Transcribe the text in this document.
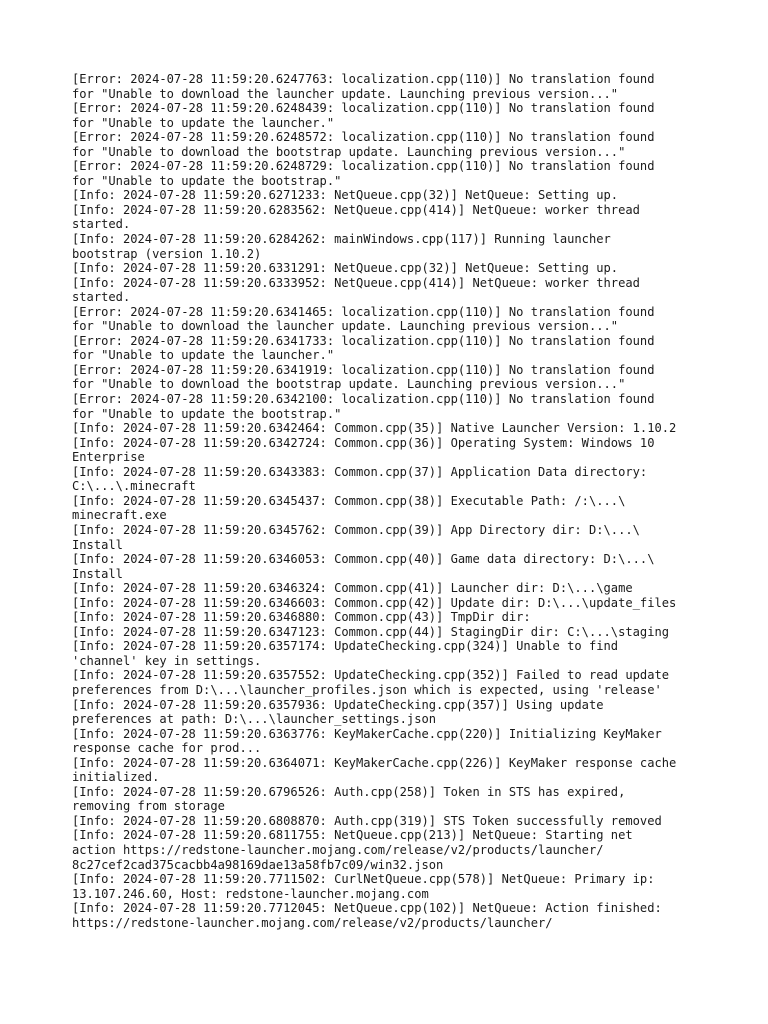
[Error: 2024-07-28 11:59:20.6247763: localization.cpp(110)] No translation found

for "Unable to download the launcher update. Launching previous version..."

[Error: 2024-07-28 11:59:20.6248439: localization.cpp(110)] No translation found

for "Unable to update the launcher."

[Error: 2024-07-28 11:59:20.6248572: localization.cpp(110)] No translation found

for "Unable to download the bootstrap update. Launching previous version..."

[Error: 2024-07-28 11:59:20.6248729: localization.cpp(110)] No translation found

for "Unable to update the bootstrap."

[Info: 2024-07-28 11:59:20.6271233: NetQueue.cpp(32)] NetQueue: Setting up.

[Info: 2024-07-28 11:59:20.6283562: NetQueue.cpp(414)] NetQueue: worker thread

started.

[Info: 2024-07-28 11:59:20.6284262: mainWindows.cpp(117)] Running launcher

bootstrap (version 1.10.2)

[Info: 2024-07-28 11:59:20.6331291: NetQueue.cpp(32)] NetQueue: Setting up.

[Info: 2024-07-28 11:59:20.6333952: NetQueue.cpp(414)] NetQueue: worker thread

started.

[Error: 2024-07-28 11:59:20.6341465: localization.cpp(110)] No translation found

for "Unable to download the launcher update. Launching previous version..."

[Error: 2024-07-28 11:59:20.6341733: localization.cpp(110)] No translation found

for "Unable to update the launcher."

[Error: 2024-07-28 11:59:20.6341919: localization.cpp(110)] No translation found

for "Unable to download the bootstrap update. Launching previous version..."

[Error: 2024-07-28 11:59:20.6342100: localization.cpp(110)] No translation found

for "Unable to update the bootstrap."

[Info: 2024-07-28 11:59:20.6342464: Common.cpp(35)] Native Launcher Version: 1.10.2

[Info: 2024-07-28 11:59:20.6342724: Common.cpp(36)] Operating System: Windows 10

Enterprise

[Info: 2024-07-28 11:59:20.6343383: Common.cpp(37)] Application Data directory:

C:\...\.minecraft

[Info: 2024-07-28 11:59:20.6345437: Common.cpp(38)] Executable Path: /:\...\

minecraft.exe

[Info: 2024-07-28 11:59:20.6345762: Common.cpp(39)] App Directory dir: D:\...\

Install

[Info: 2024-07-28 11:59:20.6346053: Common.cpp(40)] Game data directory: D:\...\

Install

[Info: 2024-07-28 11:59:20.6346324: Common.cpp(41)] Launcher dir: D:\...\game

[Info: 2024-07-28 11:59:20.6346603: Common.cpp(42)] Update dir: D:\...\update_files

[Info: 2024-07-28 11:59:20.6346880: Common.cpp(43)] TmpDir dir:

[Info: 2024-07-28 11:59:20.6347123: Common.cpp(44)] StagingDir dir: C:\...\staging

[Info: 2024-07-28 11:59:20.6357174: UpdateChecking.cpp(324)] Unable to find

'channel' key in settings.

[Info: 2024-07-28 11:59:20.6357552: UpdateChecking.cpp(352)] Failed to read update

preferences from D:\...\launcher_profiles.json which is expected, using 'release'

[Info: 2024-07-28 11:59:20.6357936: UpdateChecking.cpp(357)] Using update

preferences at path: D:\...\launcher_settings.json

[Info: 2024-07-28 11:59:20.6363776: KeyMakerCache.cpp(220)] Initializing KeyMaker

response cache for prod...

[Info: 2024-07-28 11:59:20.6364071: KeyMakerCache.cpp(226)] KeyMaker response cache

initialized.

[Info: 2024-07-28 11:59:20.6796526: Auth.cpp(258)] Token in STS has expired,

removing from storage

[Info: 2024-07-28 11:59:20.6808870: Auth.cpp(319)] STS Token successfully removed

[Info: 2024-07-28 11:59:20.6811755: NetQueue.cpp(213)] NetQueue: Starting net

action https://redstone-launcher.mojang.com/release/v2/products/launcher/

8c27cef2cad375cacbb4a98169dae13a58fb7c09/win32.json

[Info: 2024-07-28 11:59:20.7711502: CurlNetQueue.cpp(578)] NetQueue: Primary ip:

13.107.246.60, Host: redstone-launcher.mojang.com

[Info: 2024-07-28 11:59:20.7712045: NetQueue.cpp(102)] NetQueue: Action finished:

https://redstone-launcher.mojang.com/release/v2/products/launcher/
